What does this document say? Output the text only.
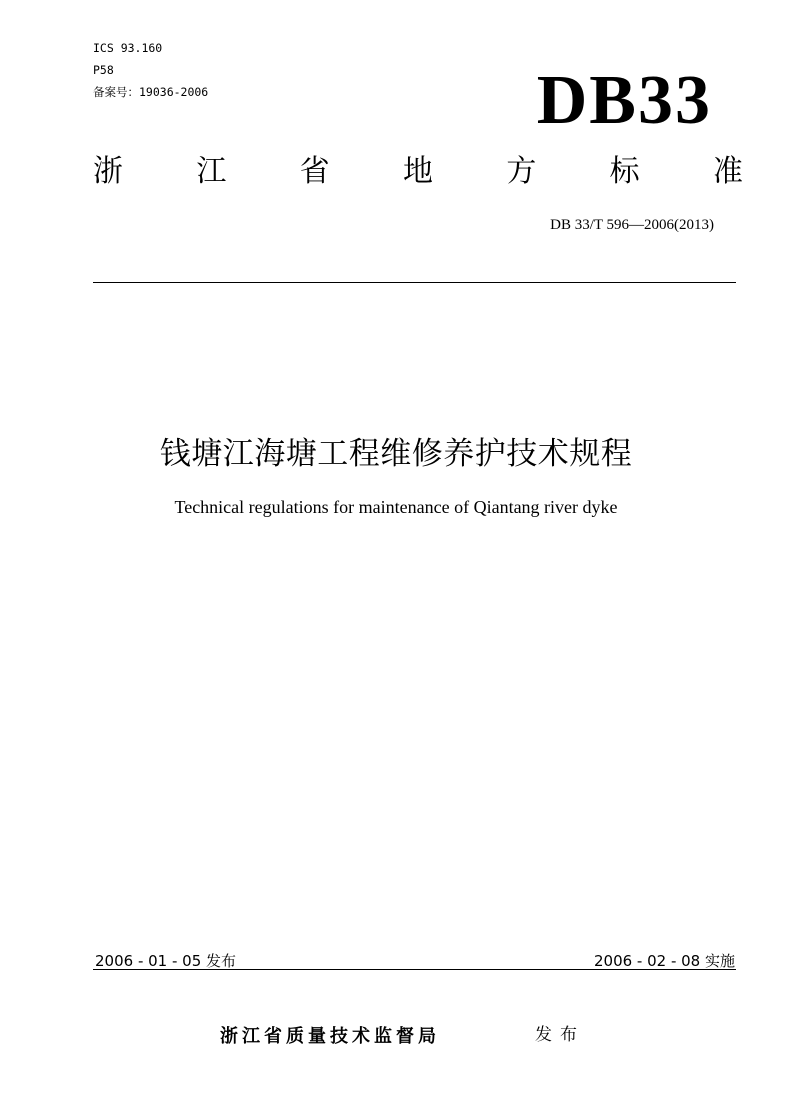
ICS 93.160
P58
备案号：19036-2006	DB33
浙 江 省 地 方 标 准
DB 33/T 596—2006(2013)
钱塘江海塘工程维修养护技术规程
Technical regulations for maintenance of Qiantang river dyke
2006 - 01 - 05 发布	2006 - 02 - 08 实施
浙江省质量技术监督局	发布
